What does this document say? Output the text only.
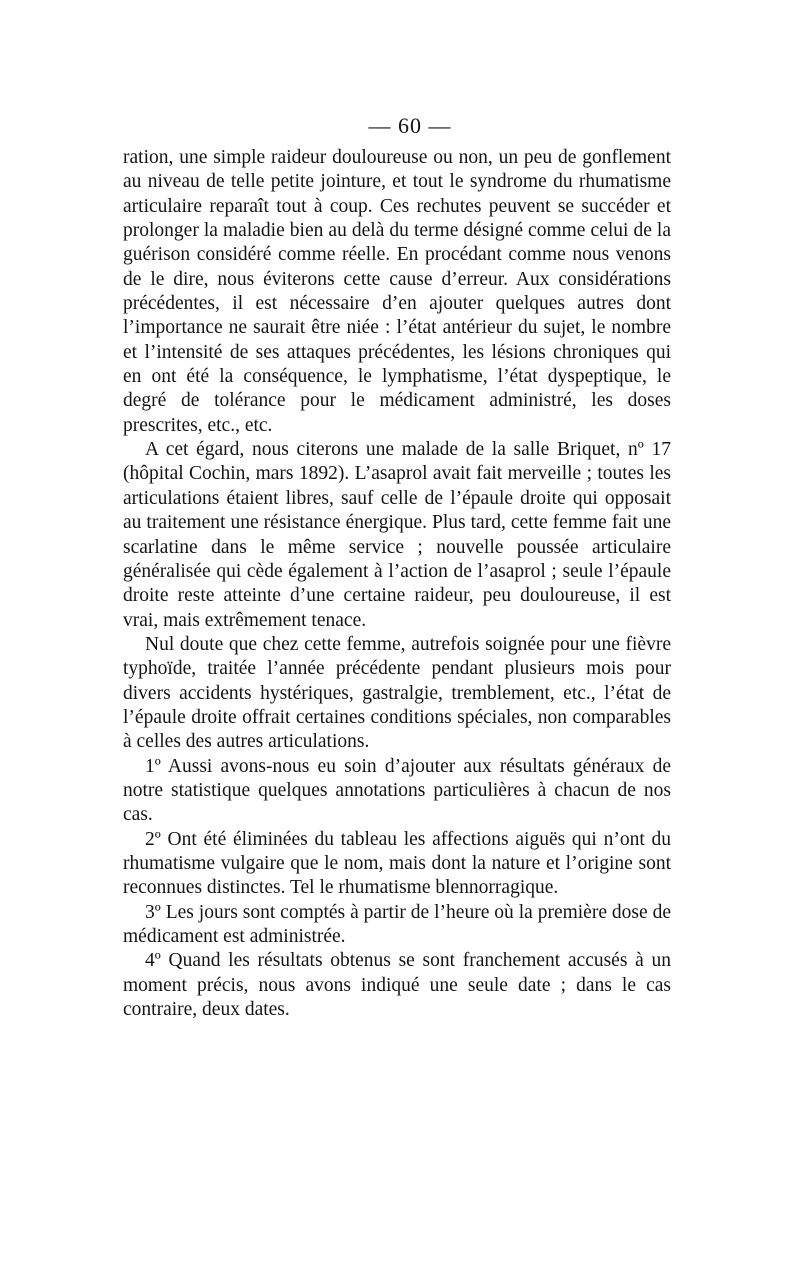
— 60 —

ration, une simple raideur douloureuse ou non, un peu de gonflement au niveau de telle petite jointure, et tout le syndrome du rhumatisme articulaire reparaît tout à coup. Ces rechutes peuvent se succéder et prolonger la maladie bien au delà du terme désigné comme celui de la guérison considéré comme réelle. En procédant comme nous venons de le dire, nous éviterons cette cause d’erreur. Aux considérations précédentes, il est nécessaire d’en ajouter quelques autres dont l’importance ne saurait être niée : l’état antérieur du sujet, le nombre et l’intensité de ses attaques précédentes, les lésions chroniques qui en ont été la conséquence, le lymphatisme, l’état dyspeptique, le degré de tolérance pour le médicament administré, les doses prescrites, etc., etc.

A cet égard, nous citerons une malade de la salle Briquet, nº 17 (hôpital Cochin, mars 1892). L’asaprol avait fait merveille ; toutes les articulations étaient libres, sauf celle de l’épaule droite qui opposait au traitement une résistance énergique. Plus tard, cette femme fait une scarlatine dans le même service ; nouvelle poussée articulaire généralisée qui cède également à l’action de l’asaprol ; seule l’épaule droite reste atteinte d’une certaine raideur, peu douloureuse, il est vrai, mais extrêmement tenace.

Nul doute que chez cette femme, autrefois soignée pour une fièvre typhoïde, traitée l’année précédente pendant plusieurs mois pour divers accidents hystériques, gastralgie, tremblement, etc., l’état de l’épaule droite offrait certaines conditions spéciales, non comparables à celles des autres articulations.

1º Aussi avons-nous eu soin d’ajouter aux résultats généraux de notre statistique quelques annotations particulières à chacun de nos cas.

2º Ont été éliminées du tableau les affections aiguës qui n’ont du rhumatisme vulgaire que le nom, mais dont la nature et l’origine sont reconnues distinctes. Tel le rhumatisme blennorragique.

3º Les jours sont comptés à partir de l’heure où la première dose de médicament est administrée.

4º Quand les résultats obtenus se sont franchement accusés à un moment précis, nous avons indiqué une seule date ; dans le cas contraire, deux dates.
